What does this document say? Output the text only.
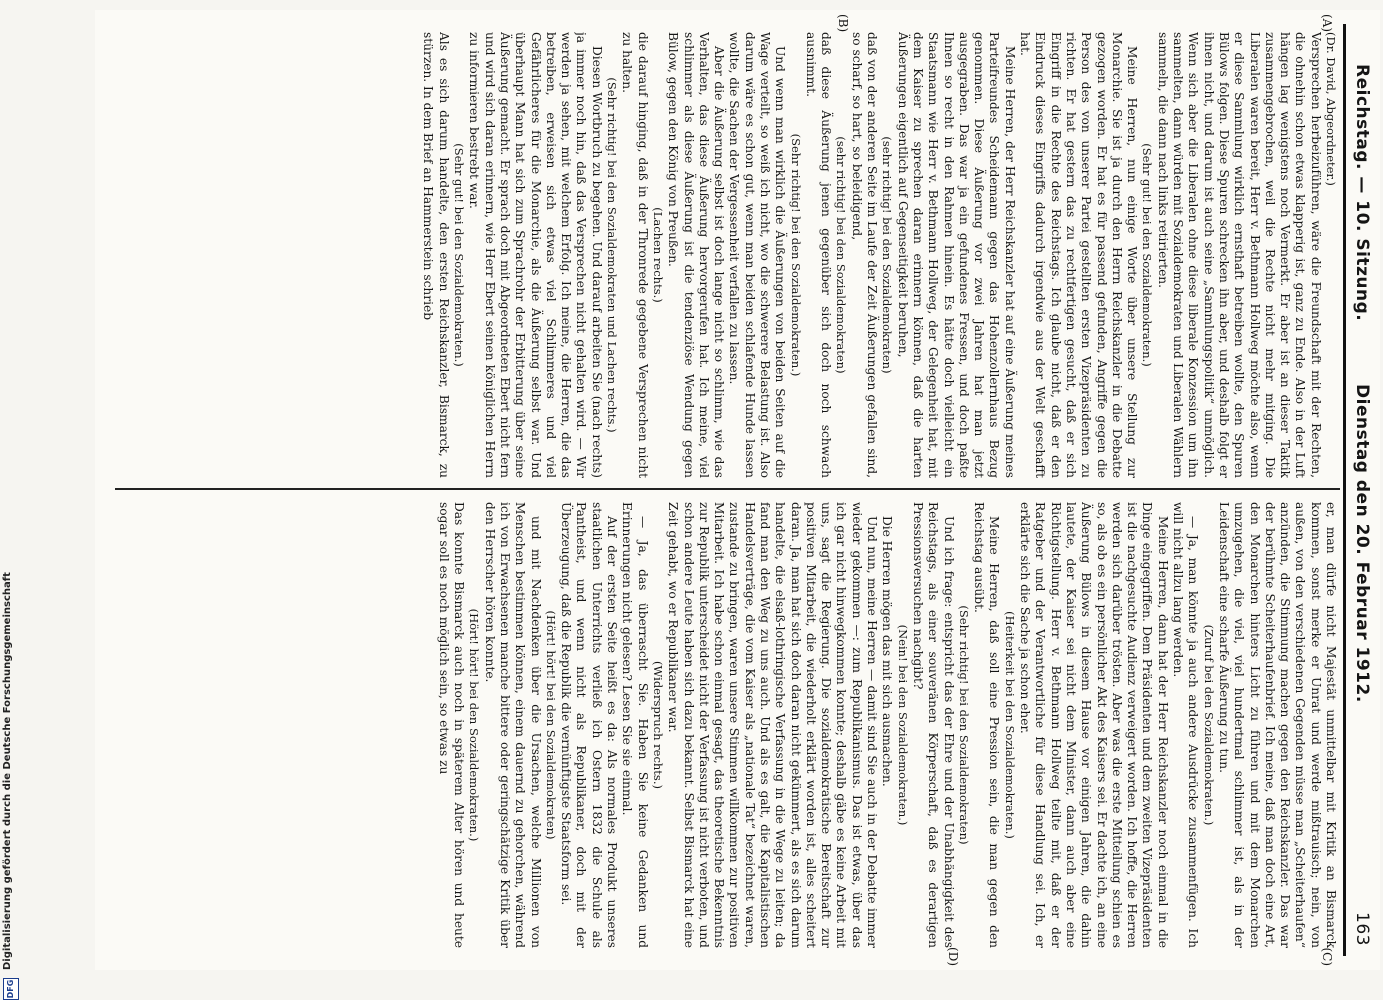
Reichstag. — 10. Sitzung.
Dienstag den 20. Februar 1912.
163
(A)
(B)
(C)
(D)

(Dr. David, Abgeordneter.)

Versprechen herbeizuführen, wäre die Freundschaft mit der Rechten, die ohnehin schon etwas klapperig ist, ganz zu Ende. Also in der Luft hängen lag wenigstens noch Vermerkt. Er aber ist an dieser Taktik zusammengebrochen, weil die Rechte nicht mehr mitging. Die Liberalen waren bereit, Herr v. Bethmann Hollweg möchte also, wenn er diese Sammlung wirklich ernsthaft betreiben wollte, den Spuren Bülows folgen. Diese Spuren schrecken ihn aber, und deshalb folgt er ihnen nicht, und darum ist auch seine „Sammlungspolitik“ unmöglich. Wenn sich aber die Liberalen ohne diese liberale Konzession um ihn sammelten, dann würden mit Sozialdemokraten und Liberalen Wählern sammeln, die dann nach links retirierten.

(Sehr gut! bei den Sozialdemokraten.)

Meine Herren, nun einige Worte über unsere Stellung zur Monarchie. Sie ist ja durch den Herrn Reichskanzler in die Debatte gezogen worden. Er hat es für passend gefunden, Angriffe gegen die Person des von unserer Partei gestellten ersten Vizepräsidenten zu richten. Er hat gestern das zu rechtfertigen gesucht, daß er sich Eingriff in die Rechte des Reichstags. Ich glaube nicht, daß er den Eindruck dieses Eingriffs dadurch irgendwie aus der Welt geschafft hat.

Meine Herren, der Herr Reichskanzler hat auf eine Äußerung meines Parteifreundes Scheidemann gegen das Hohenzollernhaus Bezug genommen. Diese Äußerung vor zwei Jahren hat man jetzt ausgegraben. Das war ja ein gefundenes Fressen, und doch paßte Ihnen so recht in den Rahmen hinein. Es hätte doch vielleicht ein Staatsmann wie Herr v. Bethmann Hollweg, der Gelegenheit hat, mit dem Kaiser zu sprechen daran erinnern können, daß die harten Äußerungen eigentlich auf Gegenseitigkeit beruhen,

(sehr richtig! bei den Sozialdemokraten)

daß von der anderen Seite im Laufe der Zeit Äußerungen gefallen sind, so scharf, so hart, so beleidigend,

(sehr richtig! bei den Sozialdemokraten)

daß diese Äußerung jenen gegenüber sich doch noch schwach ausnimmt.

(Sehr richtig! bei den Sozialdemokraten.)

Und wenn man wirklich die Äußerungen von beiden Seiten auf die Wage verteilt, so weiß ich nicht, wo die schwerere Belastung ist. Also darum wäre es schon gut, wenn man beiden schlafende Hunde lassen wollte, die Sachen der Vergessenheit verfallen zu lassen.

Aber die Äußerung selbst ist doch lange nicht so schlimm, wie das Verhalten, das diese Äußerung hervorgerufen hat. Ich meine, viel schlimmer als diese Äußerung ist die tendenziöse Wendung gegen Bülow, gegen den König von Preußen.

(Lachen rechts.)

die darauf hinging, daß in der Thronrede gegebene Versprechen nicht zu halten.

(Sehr richtig! bei den Sozialdemokraten und Lachen rechts.)

Diesen Wortbruch zu begehen. Und darauf arbeiten Sie (nach rechts) ja immer noch hin, daß das Versprechen nicht gehalten wird. — Wir werden ja sehen, mit welchem Erfolg. Ich meine, die Herren, die das betreiben, erweisen sich etwas viel Schlimmeres und viel Gefährlicheres für die Monarchie, als die Äußerung selbst war. Und überhaupt Mann hat sich zum Sprachrohr der Erbitterung über seine Äußerung gemacht. Er sprach doch mit Abgeordneten Ebert nicht fern und wird sich daran erinnern, wie Herr Ebert seinen königlichen Herrn zu informieren bestrebt war.

(Sehr gut! bei den Sozialdemokraten.)

Als es sich darum handelte, den ersten Reichskanzler, Bismarck, zu stürzen. In dem Brief an Hammerstein schrieb

er, man dürfe nicht Majestät unmittelbar mit Kritik an Bismarck kommen, sonst merke er Unrat und werde mißtrauisch; nein, von außen, von den verschiedenen Gegenden müsse man „Scheiterhaufen“ anzünden, die Stimmung machen gegen den Reichskanzler. Das war der berühmte Scheiterhaufenbrief. Ich meine, daß man doch eine Art, den Monarchen hinters Licht zu führen und mit dem Monarchen umzugehen, die viel, viel hundertmal schlimmer ist, als in der Leidenschaft eine scharfe Äußerung zu tun.

(Zuruf bei den Sozialdemokraten.)

— Ja, man könnte ja auch andere Ausdrücke zusammenfügen. Ich will nicht allzu lang werden.

Meine Herren, dann hat der Herr Reichskanzler noch einmal in die Dinge eingegriffen. Dem Präsidenten und dem zweiten Vizepräsidenten ist die nachgesuchte Audienz verweigert worden. Ich hoffe, die Herren werden sich darüber trösten. Aber was die erste Mitteilung schien es so, als ob es ein persönlicher Akt des Kaisers sei. Er dachte ich, an eine Äußerung Bülows in diesem Hause vor einigen Jahren, die dahin lautete, der Kaiser sei nicht dem Minister, dann auch aber eine Richtigstellung. Herr v. Bethmann Hollweg teilte mit, daß er der Ratgeber und der Verantwortliche für diese Handlung sei. Ich, er erklärte sich die Sache ja schon eher.

(Heiterkeit bei den Sozialdemokraten.)

Meine Herren, daß soll eine Pression sein, die man gegen den Reichstag ausübt.

(Sehr richtig! bei den Sozialdemokraten)

Und ich frage: entspricht das der Ehre und der Unabhängigkeit des Reichstags, als einer souveränen Körperschaft, daß es derartigen Pressionsversuchen nachgibt?

(Nein! bei den Sozialdemokraten.)

Die Herren mögen das mit sich ausmachen.

Und nun, meine Herren — damit sind Sie auch in der Debatte immer wieder gekommen —: zum Republikanismus. Das ist etwas, über das ich gar nicht hinwegkommen konnte; deshalb gäbe es keine Arbeit mit uns, sagt die Regierung. Die sozialdemokratische Bereitschaft zur positiven Mitarbeit, die wiederholt erklärt worden ist, alles scheitert daran. Ja, man hat sich doch daran nicht gekümmert, als es sich darum handelte, die elsaß-lothringische Verfassung in die Wege zu leiten; da fand man den Weg zu uns auch. Und als es galt, die Kapitalistischen Handelsverträge, die vom Kaiser als „nationale Tat“ bezeichnet waren, zustande zu bringen, waren unsere Stimmen willkommen zur positiven Mitarbeit. Ich habe schon einmal gesagt, das theoretische Bekenntnis zur Republik unterscheidet nicht der Verfassung ist nicht verboten, und schon andere Leute haben sich dazu bekannt. Selbst Bismarck hat eine Zeit gehabt, wo er Republikaner war.

(Widerspruch rechts.)

— Ja, das überrascht Sie. Haben Sie keine Gedanken und Erinnerungen nicht gelesen? Lesen Sie sie einmal.

Auf der ersten Seite heißt es da: Als normales Produkt unseres staatlichen Unterrichts verließ ich Ostern 1832 die Schule als Pantheist, und wenn nicht als Republikaner, doch mit der Überzeugung, daß die Republik die vernünftigste Staatsform sei.

(Hört! hört! bei den Sozialdemokraten)

und mit Nachdenken über die Ursachen, welche Millionen von Menschen bestimmen können, einem dauernd zu gehorchen, während ich von Erwachsenen manche bittere oder geringschätzige Kritik über den Herrscher hören konnte.

(Hört! hört! bei den Sozialdemokraten.)

Das konnte Bismarck auch noch in späterem Alter hören und heute sogar soll es noch möglich sein, so etwas zu

Digitalisierung gefördert durch die Deutsche Forschungsgemeinschaft
DFG
